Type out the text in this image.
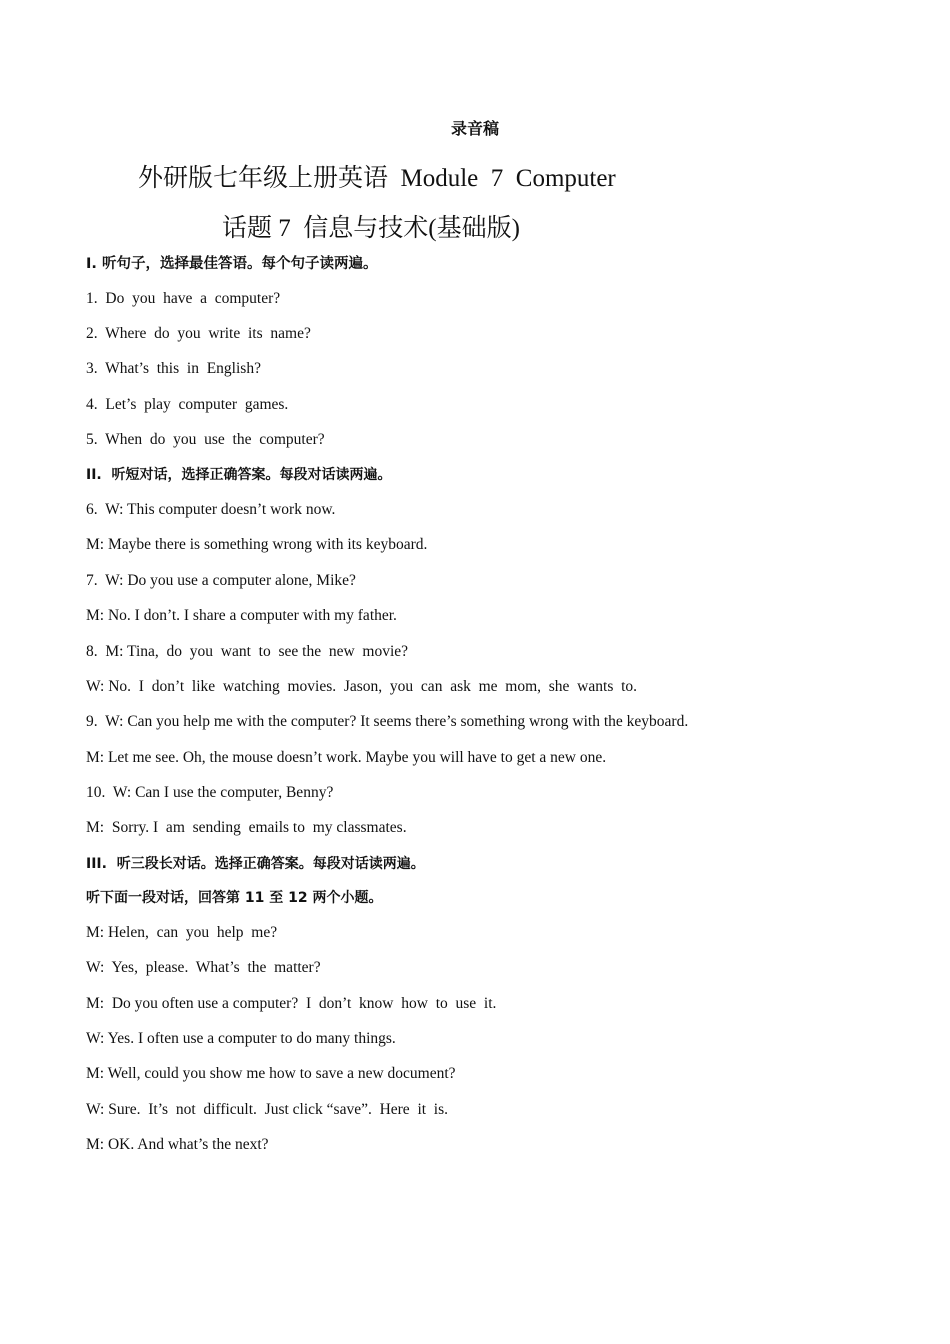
录音稿
外研版七年级上册英语  Module  7  Computer
话题 7  信息与技术(基础版)
Ⅰ. 听句子，选择最佳答语。每个句子读两遍。
1.  Do  you  have  a  computer?
2.  Where  do  you  write  its  name?
3.  What’s  this  in  English?
4.  Let’s  play  computer  games.
5.  When  do  you  use  the  computer?
II.  听短对话，选择正确答案。每段对话读两遍。
6.  W: This computer doesn’t work now.
M: Maybe there is something wrong with its keyboard.
7.  W: Do you use a computer alone, Mike?
M: No. I don’t. I share a computer with my father.
8.  M: Tina,  do  you  want  to  see the  new  movie?
W: No.  I  don’t  like  watching  movies.  Jason,  you  can  ask  me  mom,  she  wants  to.
9.  W: Can you help me with the computer? It seems there’s something wrong with the keyboard.
M: Let me see. Oh, the mouse doesn’t work. Maybe you will have to get a new one.
10.  W: Can I use the computer, Benny?
M:  Sorry. I  am  sending  emails to  my classmates.
III.  听三段长对话。选择正确答案。每段对话读两遍。
听下面一段对话，回答第 11 至 12 两个小题。
M: Helen,  can  you  help  me?
W:  Yes,  please.  What’s  the  matter?
M:  Do you often use a computer?  I  don’t  know  how  to  use  it.
W: Yes. I often use a computer to do many things.
M: Well, could you show me how to save a new document?
W: Sure.  It’s  not  difficult.  Just click “save”.  Here  it  is.
M: OK. And what’s the next?
